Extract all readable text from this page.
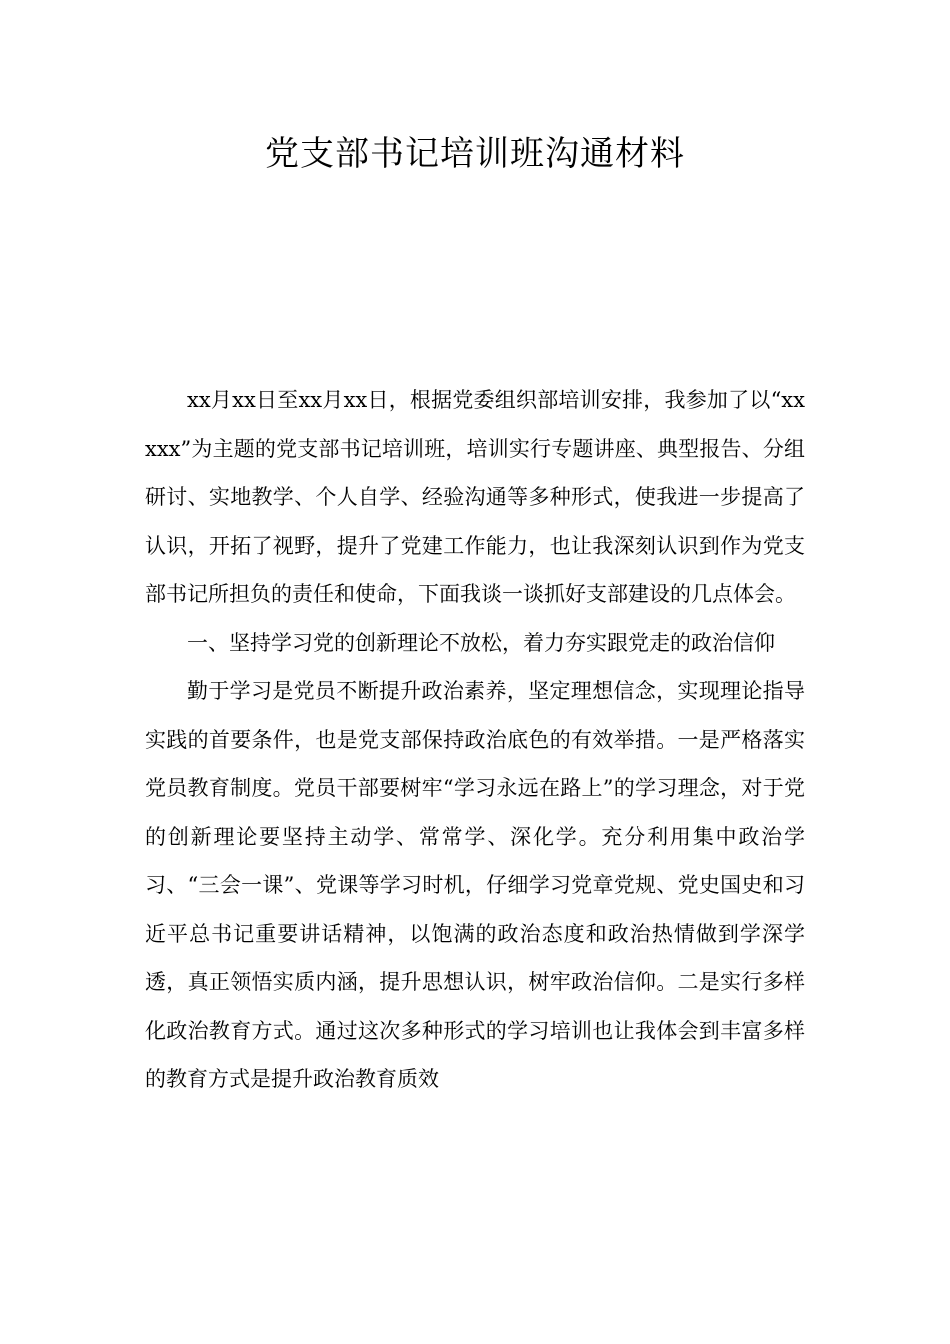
党支部书记培训班沟通材料

xx月xx日至xx月xx日，根据党委组织部培训安排，我参加了以“xxxxx”为主题的党支部书记培训班，培训实行专题讲座、典型报告、分组研讨、实地教学、个人自学、经验沟通等多种形式，使我进一步提高了认识，开拓了视野，提升了党建工作能力，也让我深刻认识到作为党支部书记所担负的责任和使命，下面我谈一谈抓好支部建设的几点体会。

一、坚持学习党的创新理论不放松，着力夯实跟党走的政治信仰

勤于学习是党员不断提升政治素养，坚定理想信念，实现理论指导实践的首要条件，也是党支部保持政治底色的有效举措。一是严格落实党员教育制度。党员干部要树牢“学习永远在路上”的学习理念，对于党的创新理论要坚持主动学、常常学、深化学。充分利用集中政治学习、“三会一课”、党课等学习时机，仔细学习党章党规、党史国史和习近平总书记重要讲话精神，以饱满的政治态度和政治热情做到学深学透，真正领悟实质内涵，提升思想认识，树牢政治信仰。二是实行多样化政治教育方式。通过这次多种形式的学习培训也让我体会到丰富多样的教育方式是提升政治教育质效
